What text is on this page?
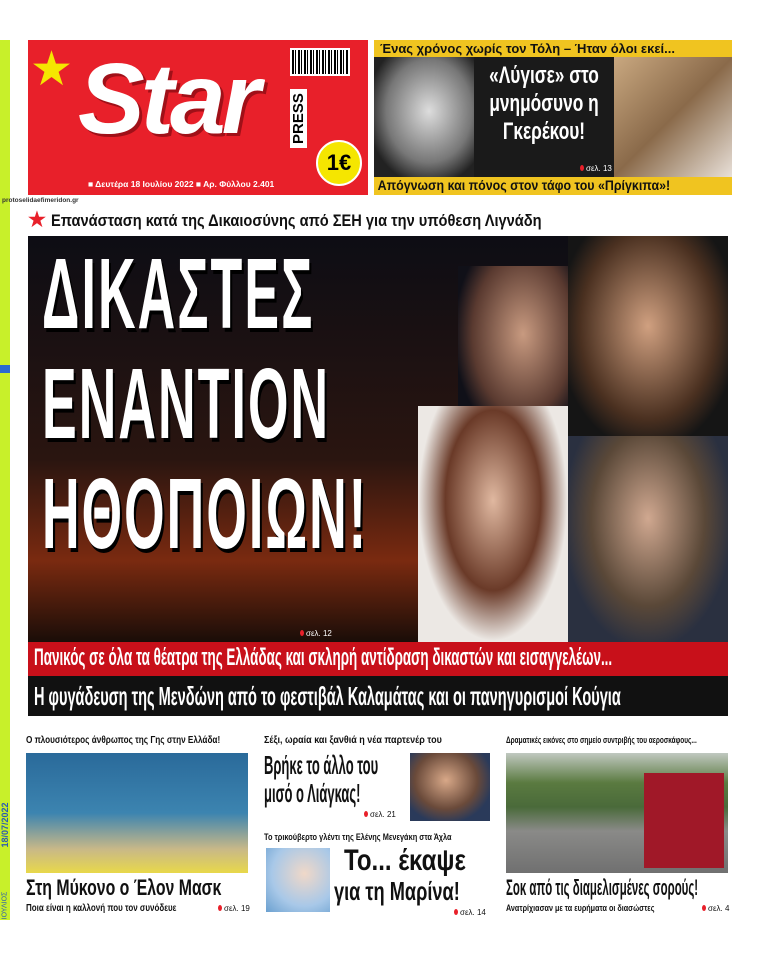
18/07/2022
ΙΟΥΛΙΟΣ
Star
★
PRESS
■ Δευτέρα 18 Ιουλίου 2022 ■ Αρ. Φύλλου 2.401
1€
protoselidaefimeridon.gr
Ένας χρόνος χωρίς τον Τόλη – Ήταν όλοι εκεί...
«Λύγισε» στο μνημόσυνο η Γκερέκου!
σελ. 13
Απόγνωση και πόνος στον τάφο του «Πρίγκιπα»!
★ Επανάσταση κατά της Δικαιοσύνης από ΣΕΗ για την υπόθεση Λιγνάδη
ΔΙΚΑΣΤΕΣ
ΕΝΑΝΤΙΟΝ
ΗΘΟΠΟΙΩΝ!
σελ. 12
Πανικός σε όλα τα θέατρα της Ελλάδας και σκληρή αντίδραση δικαστών και εισαγγελέων...
Η φυγάδευση της Μενδώνη από το φεστιβάλ Καλαμάτας και οι πανηγυρισμοί Κούγια
Ο πλουσιότερος άνθρωπος της Γης στην Ελλάδα!
Στη Μύκονο ο Έλον Μασκ
Ποια είναι η καλλονή που τον συνόδευε	σελ. 19
Σέξι, ωραία και ξανθιά η νέα παρτενέρ του
Βρήκε το άλλο του
μισό ο Λιάγκας!
σελ. 21
Το τρικούβερτο γλέντι της Ελένης Μενεγάκη στα Άχλα
Το... έκαψε
για τη Μαρίνα!
σελ. 14
Δραματικές εικόνες στο σημείο συντριβής του αεροσκάφους...
Σοκ από τις διαμελισμένες σορούς!
Ανατρίχιασαν με τα ευρήματα οι διασώστες	σελ. 4
